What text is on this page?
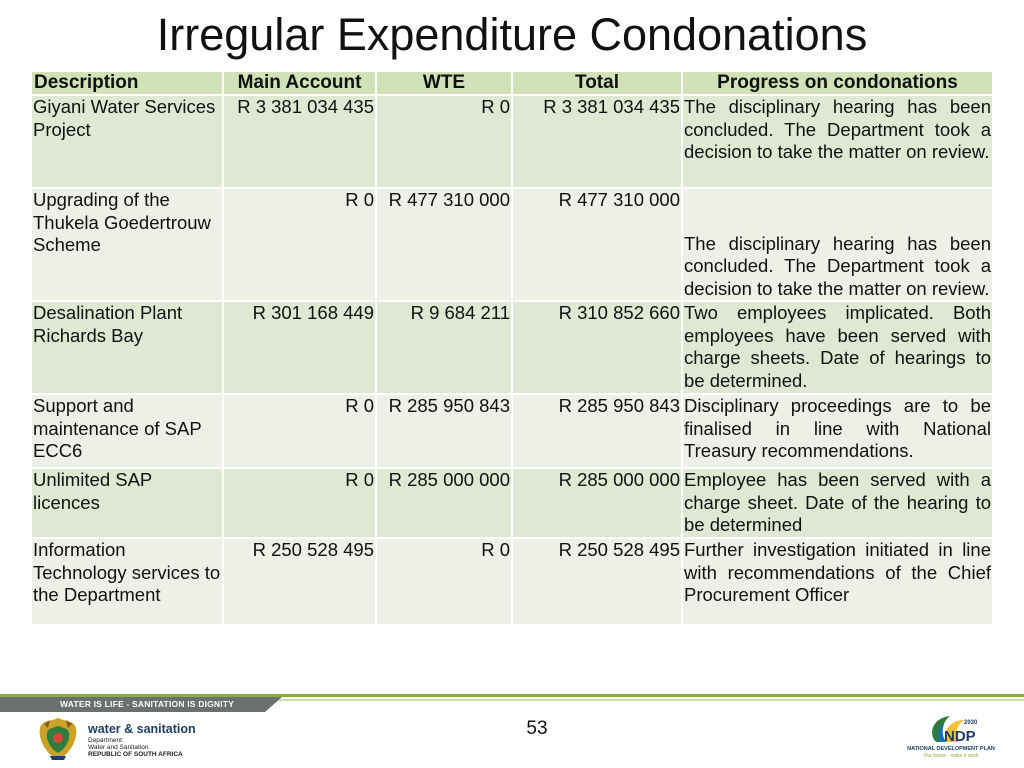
Irregular Expenditure Condonations
Description	Main Account	WTE	Total	Progress on condonations
Giyani Water Services Project	R 3 381 034 435	R 0	R 3 381 034 435	The disciplinary hearing has been concluded. The Department took a decision to take the matter on review.
Upgrading of the Thukela Goedertrouw Scheme	R 0	R 477 310 000	R 477 310 000	The disciplinary hearing has been concluded. The Department took a decision to take the matter on review.
Desalination Plant Richards Bay	R 301 168 449	R 9 684 211	R 310 852 660	Two employees implicated. Both employees have been served with charge sheets. Date of hearings to be determined.
Support and maintenance of SAP ECC6	R 0	R 285 950 843	R 285 950 843	Disciplinary proceedings are to be finalised in line with National Treasury recommendations.
Unlimited SAP licences	R 0	R 285 000 000	R 285 000 000	Employee has been served with a charge sheet. Date of the hearing to be determined
Information Technology services to the Department	R 250 528 495	R 0	R 250 528 495	Further investigation initiated in line with recommendations of the Chief Procurement Officer
WATER IS LIFE - SANITATION IS DIGNITY
water & sanitation
Department:
Water and Sanitation
REPUBLIC OF SOUTH AFRICA
53	NDP
2030
NATIONAL DEVELOPMENT PLAN
Our future - make it work
